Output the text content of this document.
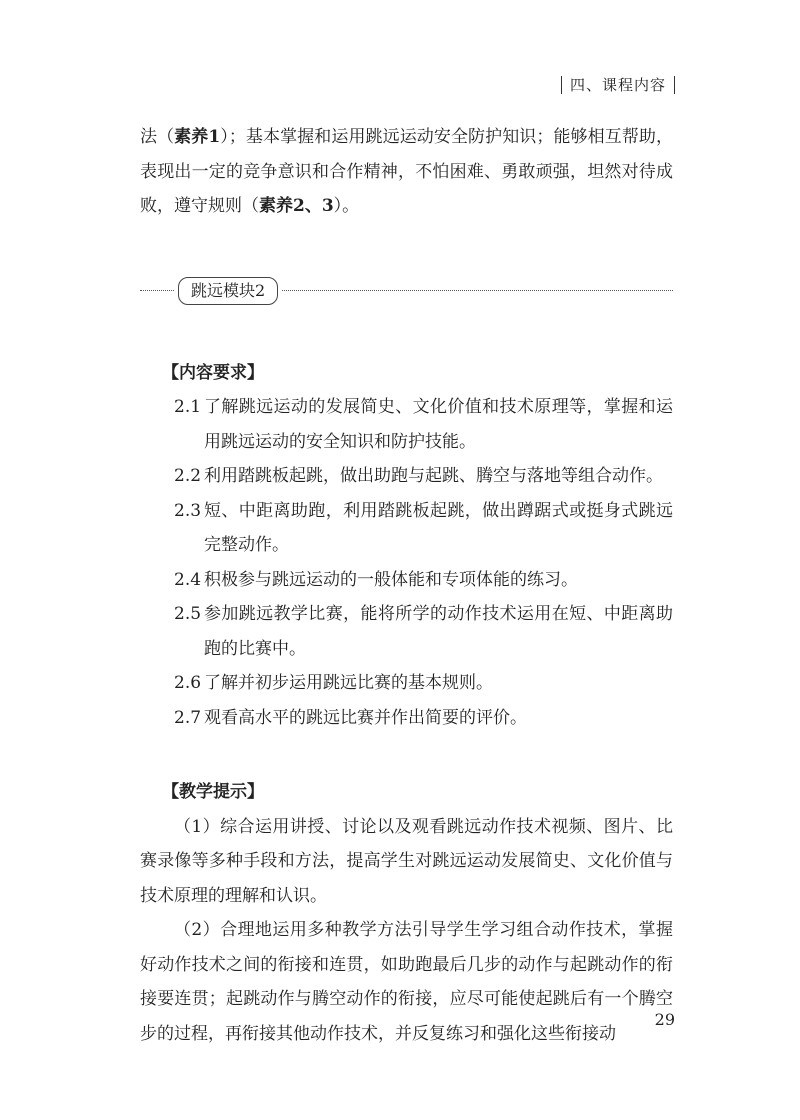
四、课程内容

法（素养1）；基本掌握和运用跳远运动安全防护知识；能够相互帮助，表现出一定的竞争意识和合作精神，不怕困难、勇敢顽强，坦然对待成败，遵守规则（素养2、3）。

跳远模块2
【内容要求】
2.1 了解跳远运动的发展简史、文化价值和技术原理等，掌握和运用跳远运动的安全知识和防护技能。
2.2 利用踏跳板起跳，做出助跑与起跳、腾空与落地等组合动作。
2.3 短、中距离助跑，利用踏跳板起跳，做出蹲踞式或挺身式跳远完整动作。
2.4 积极参与跳远运动的一般体能和专项体能的练习。
2.5 参加跳远教学比赛，能将所学的动作技术运用在短、中距离助跑的比赛中。
2.6 了解并初步运用跳远比赛的基本规则。
2.7 观看高水平的跳远比赛并作出简要的评价。
【教学提示】

（1）综合运用讲授、讨论以及观看跳远动作技术视频、图片、比赛录像等多种手段和方法，提高学生对跳远运动发展简史、文化价值与技术原理的理解和认识。

（2）合理地运用多种教学方法引导学生学习组合动作技术，掌握好动作技术之间的衔接和连贯，如助跑最后几步的动作与起跳动作的衔接要连贯；起跳动作与腾空动作的衔接，应尽可能使起跳后有一个腾空步的过程，再衔接其他动作技术，并反复练习和强化这些衔接动

29
